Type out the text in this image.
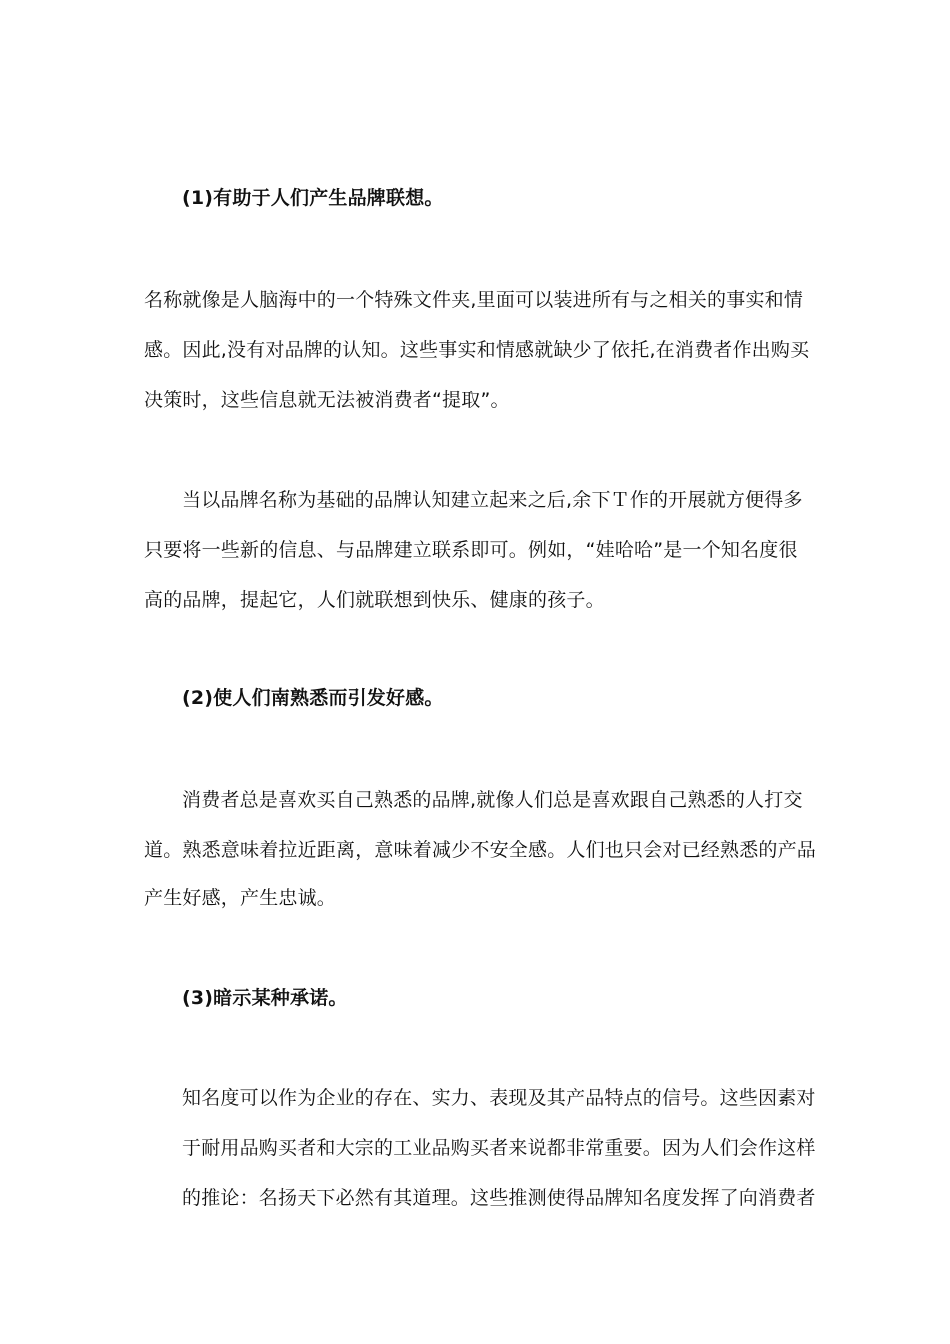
(1)有助于人们产生品牌联想。
名称就像是人脑海中的一个特殊文件夹,里面可以装进所有与之相关的事实和情
感。因此,没有对品牌的认知。这些事实和情感就缺少了依托,在消费者作出购买
决策时，这些信息就无法被消费者“提取”。
当以品牌名称为基础的品牌认知建立起来之后,余下Ｔ作的开展就方便得多
只要将一些新的信息、与品牌建立联系即可。例如，“娃哈哈”是一个知名度很
高的品牌，提起它，人们就联想到快乐、健康的孩子。
(2)使人们南熟悉而引发好感。
消费者总是喜欢买自己熟悉的品牌,就像人们总是喜欢跟自己熟悉的人打交
道。熟悉意味着拉近距离，意味着减少不安全感。人们也只会对已经熟悉的产品
产生好感，产生忠诚。
(3)暗示某种承诺。
知名度可以作为企业的存在、实力、表现及其产品特点的信号。这些因素对
于耐用品购买者和大宗的工业品购买者来说都非常重要。因为人们会作这样
的推论：名扬天下必然有其道理。这些推测使得品牌知名度发挥了向消费者
